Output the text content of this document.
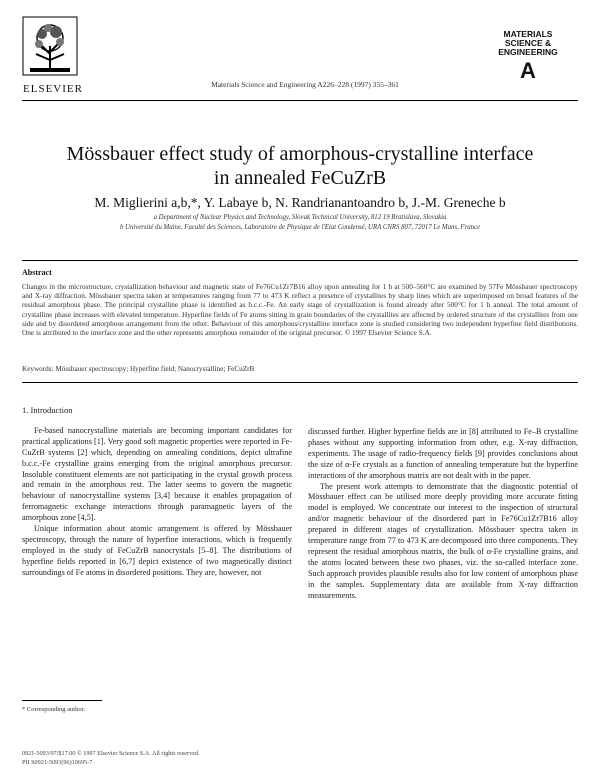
ELSEVIER	Materials Science and Engineering A226–228 (1997) 355–361
MATERIALS
SCIENCE &
ENGINEERING
A
Mössbauer effect study of amorphous-crystalline interface in annealed FeCuZrB
M. Miglierini a,b,*, Y. Labaye b, N. Randrianantoandro b, J.-M. Greneche b
a Department of Nuclear Physics and Technology, Slovak Technical University, 812 19 Bratislava, Slovakia
b Université du Maine, Faculté des Sciences, Laboratoire de Physique de l'Etat Condensé, URA CNRS 807, 72017 Le Mans, France
Abstract
Changes in the microstructure, crystallization behaviour and magnetic state of Fe76Cu1Zr7B16 alloy upon annealing for 1 h at 500–560°C are examined by 57Fe Mössbauer spectroscopy and X-ray diffraction. Mössbauer spectra taken at temperatures ranging from 77 to 473 K reflect a presence of crystallites by sharp lines which are superimposed on broad features of the residual amorphous phase. The principal crystalline phase is identified as b.c.c.-Fe. An early stage of crystallization is found already after 500°C for 1 h anneal. The total amount of crystalline phase increases with elevated temperature. Hyperfine fields of Fe atoms sitting in grain boundaries of the crystallites are affected by ordered structure of the crystallites from one side and by disordered amorphous arrangement from the other. Behaviour of this amorphous/crystalline interface zone is studied considering two independent hyperfine field distributions. One is attributed to the interface zone and the other represents amorphous remainder of the original precursor. © 1997 Elsevier Science S.A.
Keywords: Mössbauer spectroscopy; Hyperfine field; Nanocrystalline; FeCuZrB
1. Introduction

Fe-based nanocrystalline materials are becoming important candidates for practical applications [1]. Very good soft magnetic properties were reported in Fe-CuZrB systems [2] which, depending on annealing conditions, depict ultrafine b.c.c.-Fe crystalline grains emerging from the original amorphous precursor. Insoluble constituent elements are not participating in the crystal growth process and remain in the amorphous rest. The latter seems to govern the magnetic behaviour of nanocrystalline systems [3,4] because it enables propagation of ferromagnetic exchange interactions through paramagnetic layers of the amorphous zone [4,5].

Unique information about atomic arrangement is offered by Mössbauer spectroscopy, through the nature of hyperfine interactions, which is frequently employed in the study of FeCuZrB nanocrystals [5–8]. The distributions of hyperfine fields reported in [6,7] depict existence of two magnetically distinct surroundings of Fe atoms in disordered positions. They are, however, not

discussed further. Higher hyperfine fields are in [8] attributed to Fe–B crystalline phases without any supporting information from other, e.g. X-ray diffraction, experiments. The usage of radio-frequency fields [9] provides conclusions about the size of α-Fe crystals as a function of annealing temperature but the hyperfine interactions of the amorphous matrix are not dealt with in the paper.

The present work attempts to demonstrate that the diagnostic potential of Mössbauer effect can be utilised more deeply providing more accurate fitting model is employed. We concentrate our interest to the inspection of structural and/or magnetic behaviour of the disordered part in Fe76Cu1Zr7B16 alloy prepared in different stages of crystallization. Mössbauer spectra taken in temperature range from 77 to 473 K are decomposed into three components. They represent the residual amorphous matrix, the bulk of α-Fe crystalline grains, and the atoms located between these two phases, viz. the so-called interface zone. Such approach provides plausible results also for low content of amorphous phase in the samples. Supplementary data are available from X-ray diffraction measurements.

* Corresponding author.
0921-5093/97/$17.00 © 1997 Elsevier Science S.A. All rights reserved.
PII S0921-5093(96)10695-7
